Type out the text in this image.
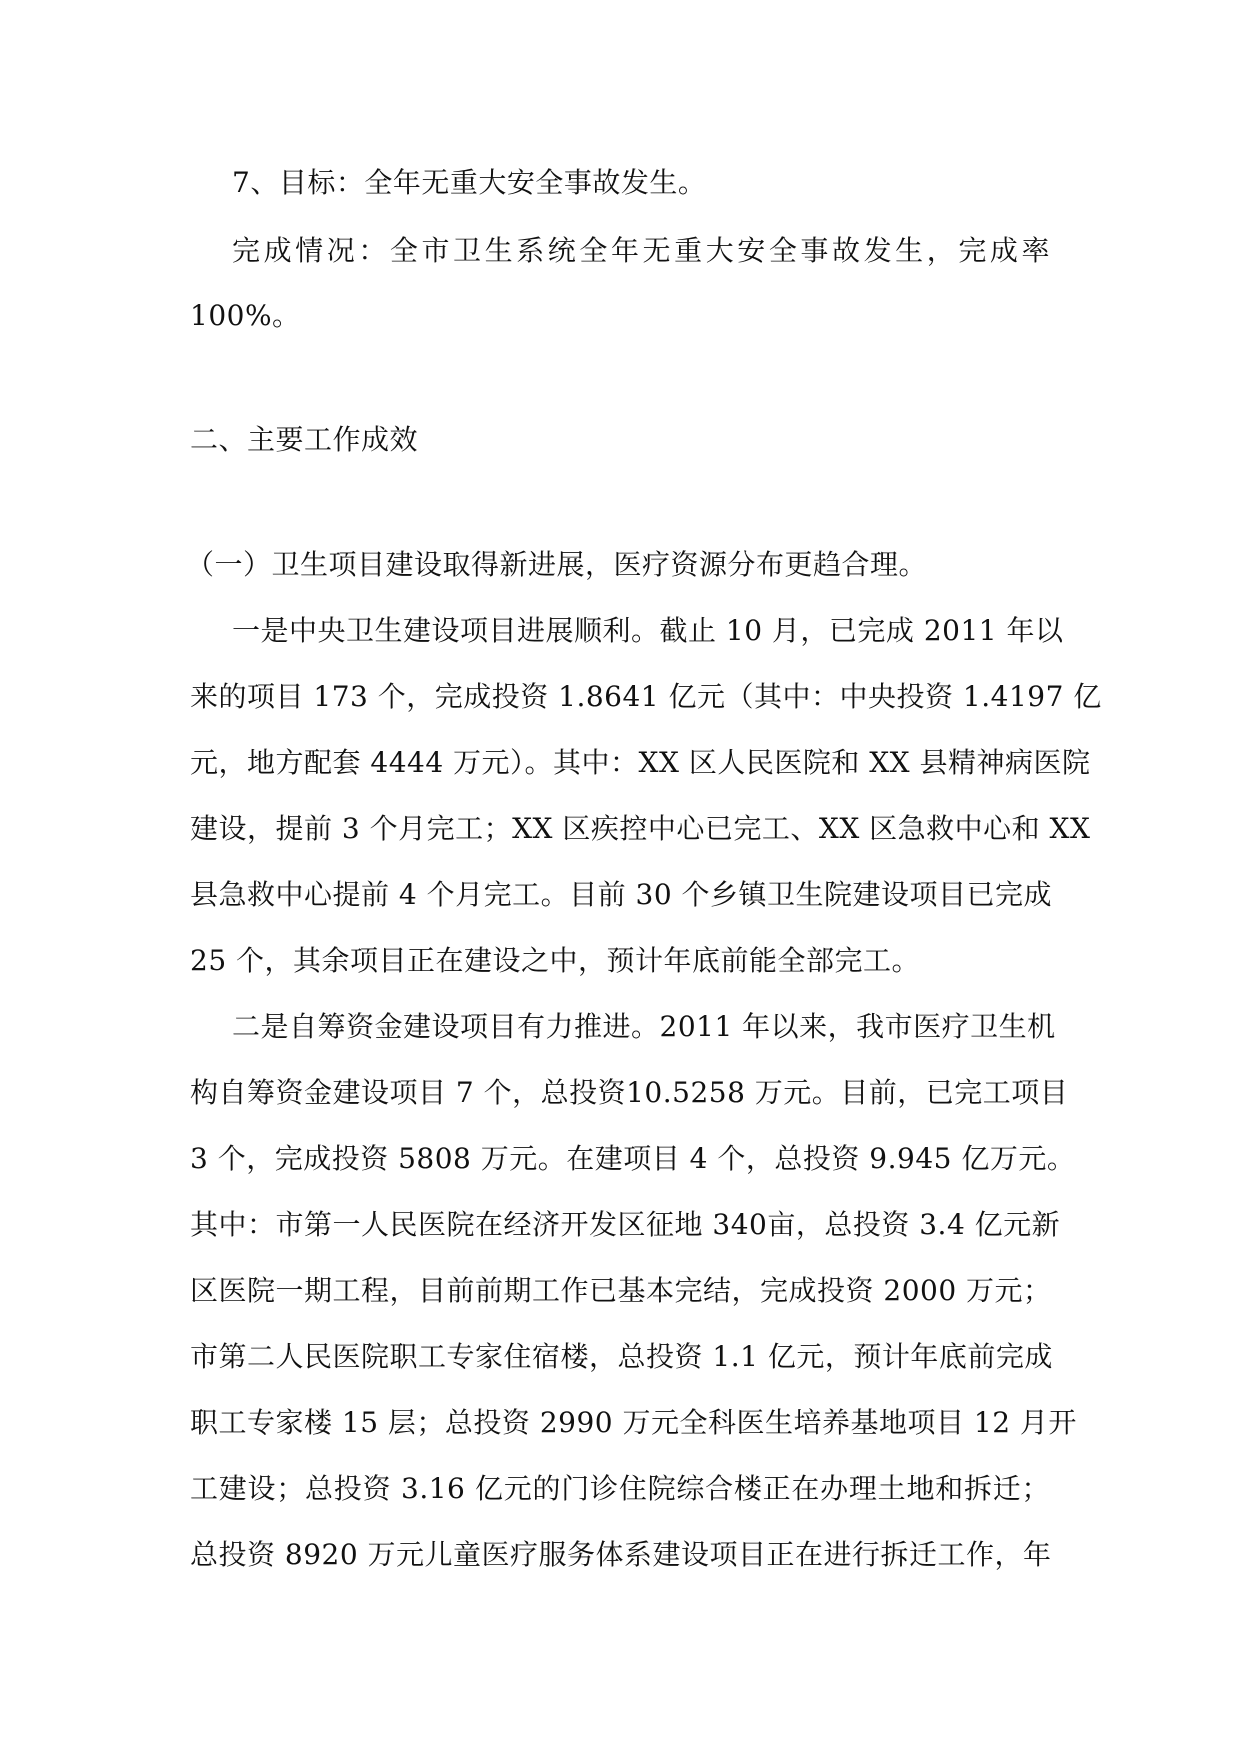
7、目标：全年无重大安全事故发生。
完成情况：全市卫生系统全年无重大安全事故发生，完成率
100%。
二、主要工作成效
（一）卫生项目建设取得新进展，医疗资源分布更趋合理。
一是中央卫生建设项目进展顺利。截止 10 月，已完成 2011 年以
来的项目 173 个，完成投资 1.8641 亿元（其中：中央投资 1.4197 亿
元，地方配套 4444 万元）。其中：XX 区人民医院和 XX 县精神病医院
建设，提前 3 个月完工；XX 区疾控中心已完工、XX 区急救中心和 XX
县急救中心提前 4 个月完工。目前 30 个乡镇卫生院建设项目已完成
25 个，其余项目正在建设之中，预计年底前能全部完工。
二是自筹资金建设项目有力推进。2011 年以来，我市医疗卫生机
构自筹资金建设项目 7 个，总投资10.5258 万元。目前，已完工项目
3 个，完成投资 5808 万元。在建项目 4 个，总投资 9.945 亿万元。
其中：市第一人民医院在经济开发区征地 340亩，总投资 3.4 亿元新
区医院一期工程，目前前期工作已基本完结，完成投资 2000 万元；
市第二人民医院职工专家住宿楼，总投资 1.1 亿元，预计年底前完成
职工专家楼 15 层；总投资 2990 万元全科医生培养基地项目 12 月开
工建设；总投资 3.16 亿元的门诊住院综合楼正在办理土地和拆迁；
总投资 8920 万元儿童医疗服务体系建设项目正在进行拆迁工作，年
